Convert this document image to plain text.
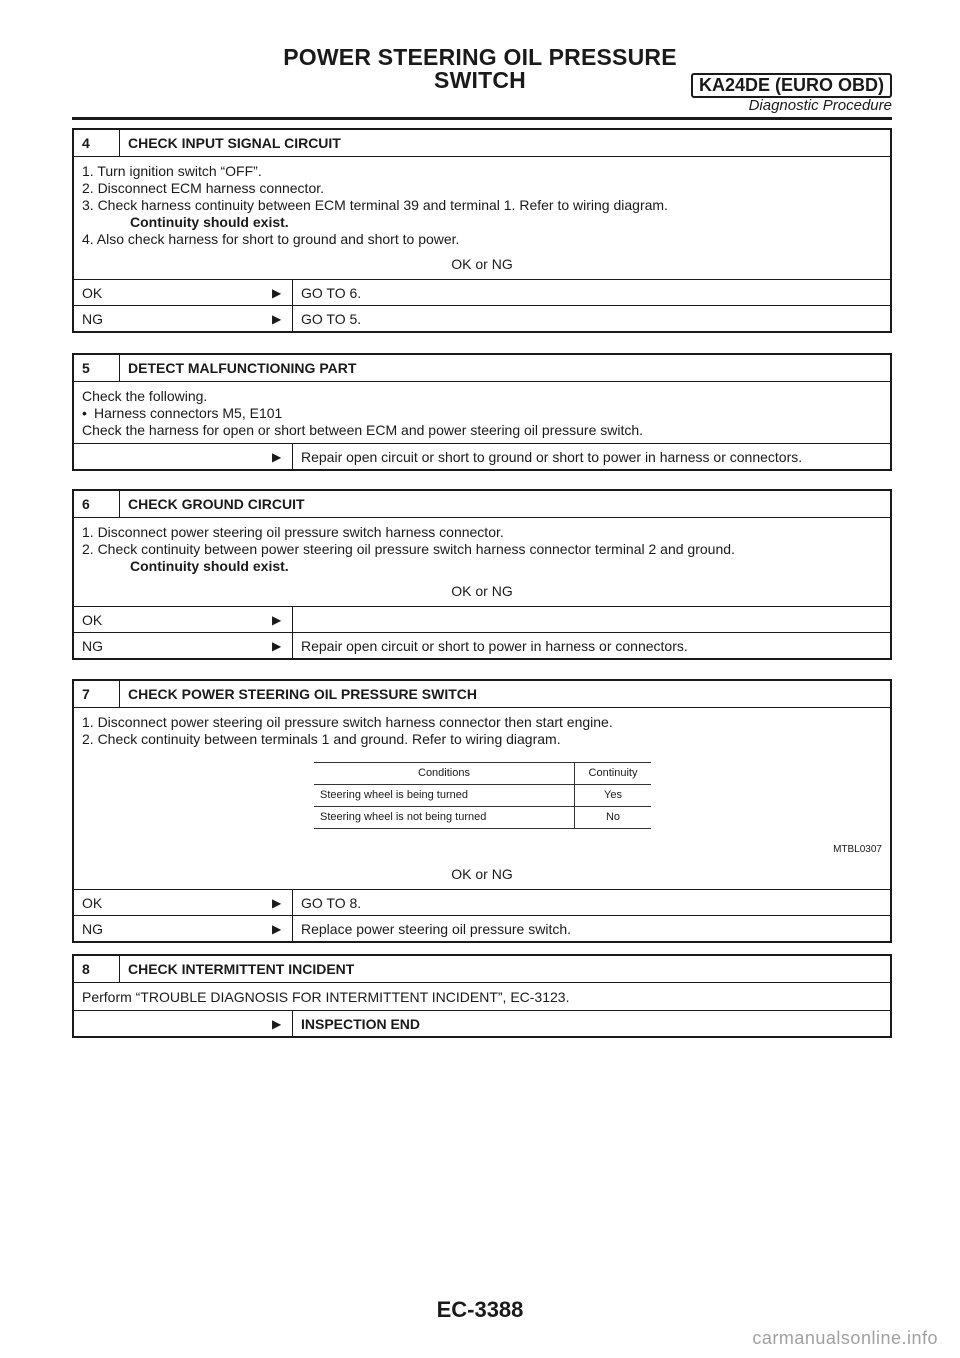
POWER STEERING OIL PRESSURE
SWITCH	KA24DE (EURO OBD)
Diagnostic Procedure
4	CHECK INPUT SIGNAL CIRCUIT
1. Turn ignition switch “OFF”.
2. Disconnect ECM harness connector.
3. Check harness continuity between ECM terminal 39 and terminal 1. Refer to wiring diagram.
Continuity should exist.
4. Also check harness for short to ground and short to power.
OK or NG
OK	▶	GO TO 6.
NG	▶	GO TO 5.
5	DETECT MALFUNCTIONING PART
Check the following.
• Harness connectors M5, E101
Check the harness for open or short between ECM and power steering oil pressure switch.
▶	Repair open circuit or short to ground or short to power in harness or connectors.
6	CHECK GROUND CIRCUIT
1. Disconnect power steering oil pressure switch harness connector.
2. Check continuity between power steering oil pressure switch harness connector terminal 2 and ground.
Continuity should exist.
OK or NG
OK	▶
NG	▶	Repair open circuit or short to power in harness or connectors.
7	CHECK POWER STEERING OIL PRESSURE SWITCH
1. Disconnect power steering oil pressure switch harness connector then start engine.
2. Check continuity between terminals 1 and ground. Refer to wiring diagram.
Conditions	Continuity
Steering wheel is being turned	Yes
Steering wheel is not being turned	No
MTBL0307
OK or NG
OK	▶	GO TO 8.
NG	▶	Replace power steering oil pressure switch.
8	CHECK INTERMITTENT INCIDENT
Perform “TROUBLE DIAGNOSIS FOR INTERMITTENT INCIDENT”, EC-3123.
▶	INSPECTION END
EC-3388
carmanualsonline.info
